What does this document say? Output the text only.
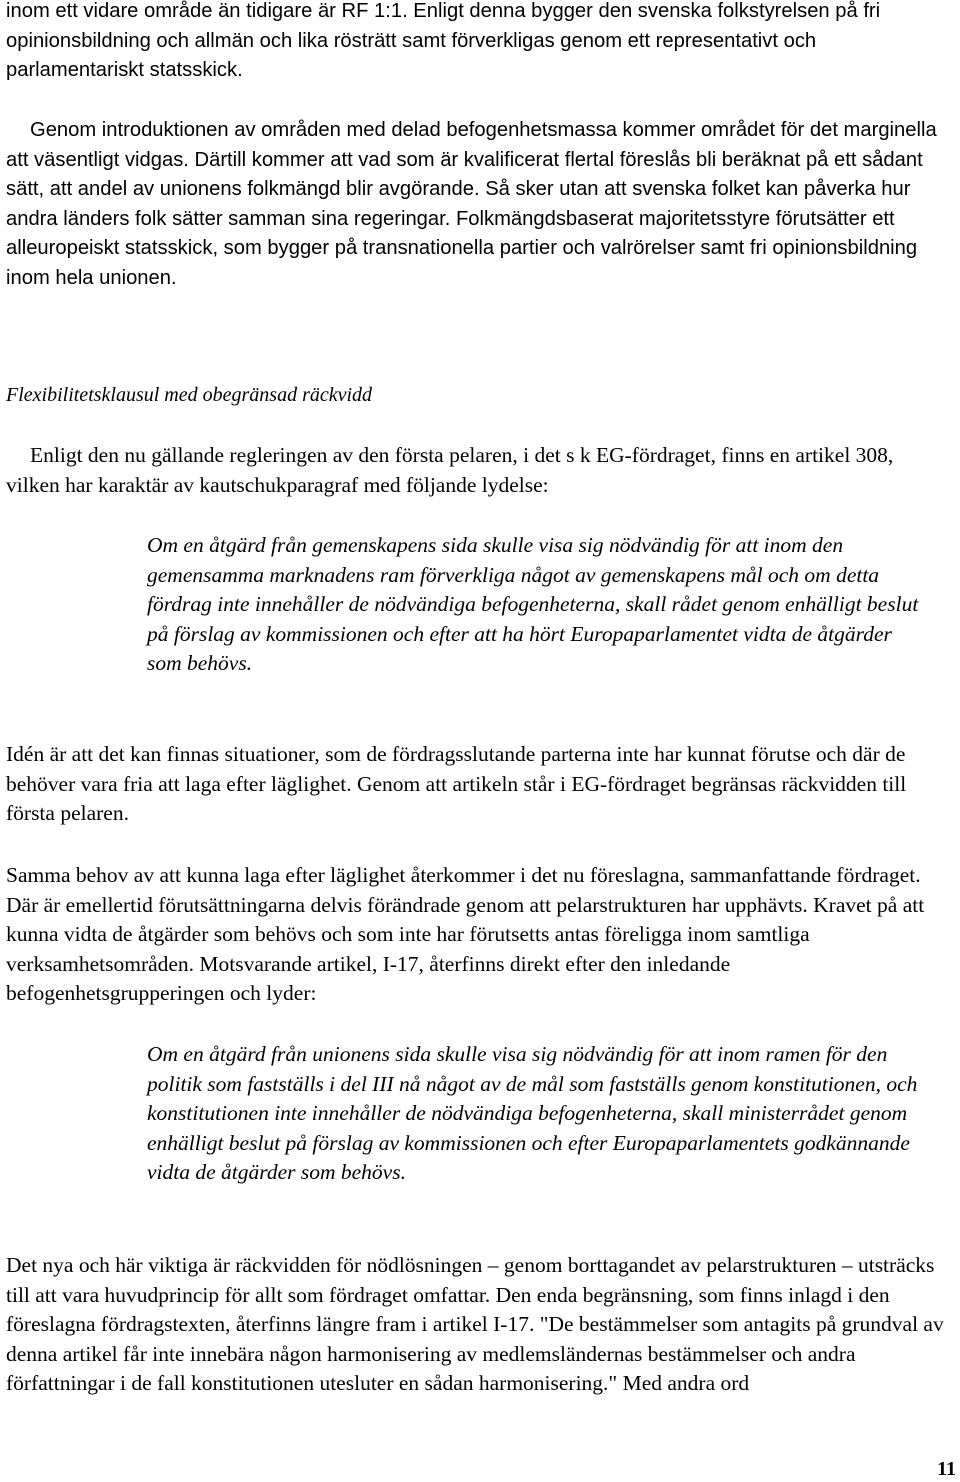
inom ett vidare område än tidigare är RF 1:1. Enligt denna bygger den svenska folkstyrelsen på fri opinionsbildning och allmän och lika rösträtt samt förverkligas genom ett representativt och parlamentariskt statsskick.

Genom introduktionen av områden med delad befogenhetsmassa kommer området för det marginella att väsentligt vidgas. Därtill kommer att vad som är kvalificerat flertal föreslås bli beräknat på ett sådant sätt, att andel av unionens folkmängd blir avgörande. Så sker utan att svenska folket kan påverka hur andra länders folk sätter samman sina regeringar. Folkmängdsbaserat majoritetsstyre förutsätter ett alleuropeiskt statsskick, som bygger på transnationella partier och valrörelser samt fri opinionsbildning inom hela unionen.

Flexibilitetsklausul med obegränsad räckvidd

Enligt den nu gällande regleringen av den första pelaren, i det s k EG-fördraget, finns en artikel 308, vilken har karaktär av kautschukparagraf med följande lydelse:

Om en åtgärd från gemenskapens sida skulle visa sig nödvändig för att inom den gemensamma marknadens ram förverkliga något av gemenskapens mål och om detta fördrag inte innehåller de nödvändiga befogenheterna, skall rådet genom enhälligt beslut på förslag av kommissionen och efter att ha hört Europaparlamentet vidta de åtgärder som behövs.

Idén är att det kan finnas situationer, som de fördragsslutande parterna inte har kunnat förutse och där de behöver vara fria att laga efter läglighet. Genom att artikeln står i EG-fördraget begränsas räckvidden till första pelaren.

Samma behov av att kunna laga efter läglighet återkommer i det nu föreslagna, sammanfattande fördraget. Där är emellertid förutsättningarna delvis förändrade genom att pelarstrukturen har upphävts. Kravet på att kunna vidta de åtgärder som behövs och som inte har förutsetts antas föreligga inom samtliga verksamhetsområden. Motsvarande artikel, I-17, återfinns direkt efter den inledande befogenhetsgrupperingen och lyder:

Om en åtgärd från unionens sida skulle visa sig nödvändig för att inom ramen för den politik som fastställs i del III nå något av de mål som fastställs genom konstitutionen, och konstitutionen inte innehåller de nödvändiga befogenheterna, skall ministerrådet genom enhälligt beslut på förslag av kommissionen och efter Europaparlamentets godkännande vidta de åtgärder som behövs.

Det nya och här viktiga är räckvidden för nödlösningen – genom borttagandet av pelarstrukturen – utsträcks till att vara huvudprincip för allt som fördraget omfattar. Den enda begränsning, som finns inlagd i den föreslagna fördragstexten, återfinns längre fram i artikel I-17. "De bestämmelser som antagits på grundval av denna artikel får inte innebära någon harmonisering av medlemsländernas bestämmelser och andra författningar i de fall konstitutionen utesluter en sådan harmonisering." Med andra ord

11
